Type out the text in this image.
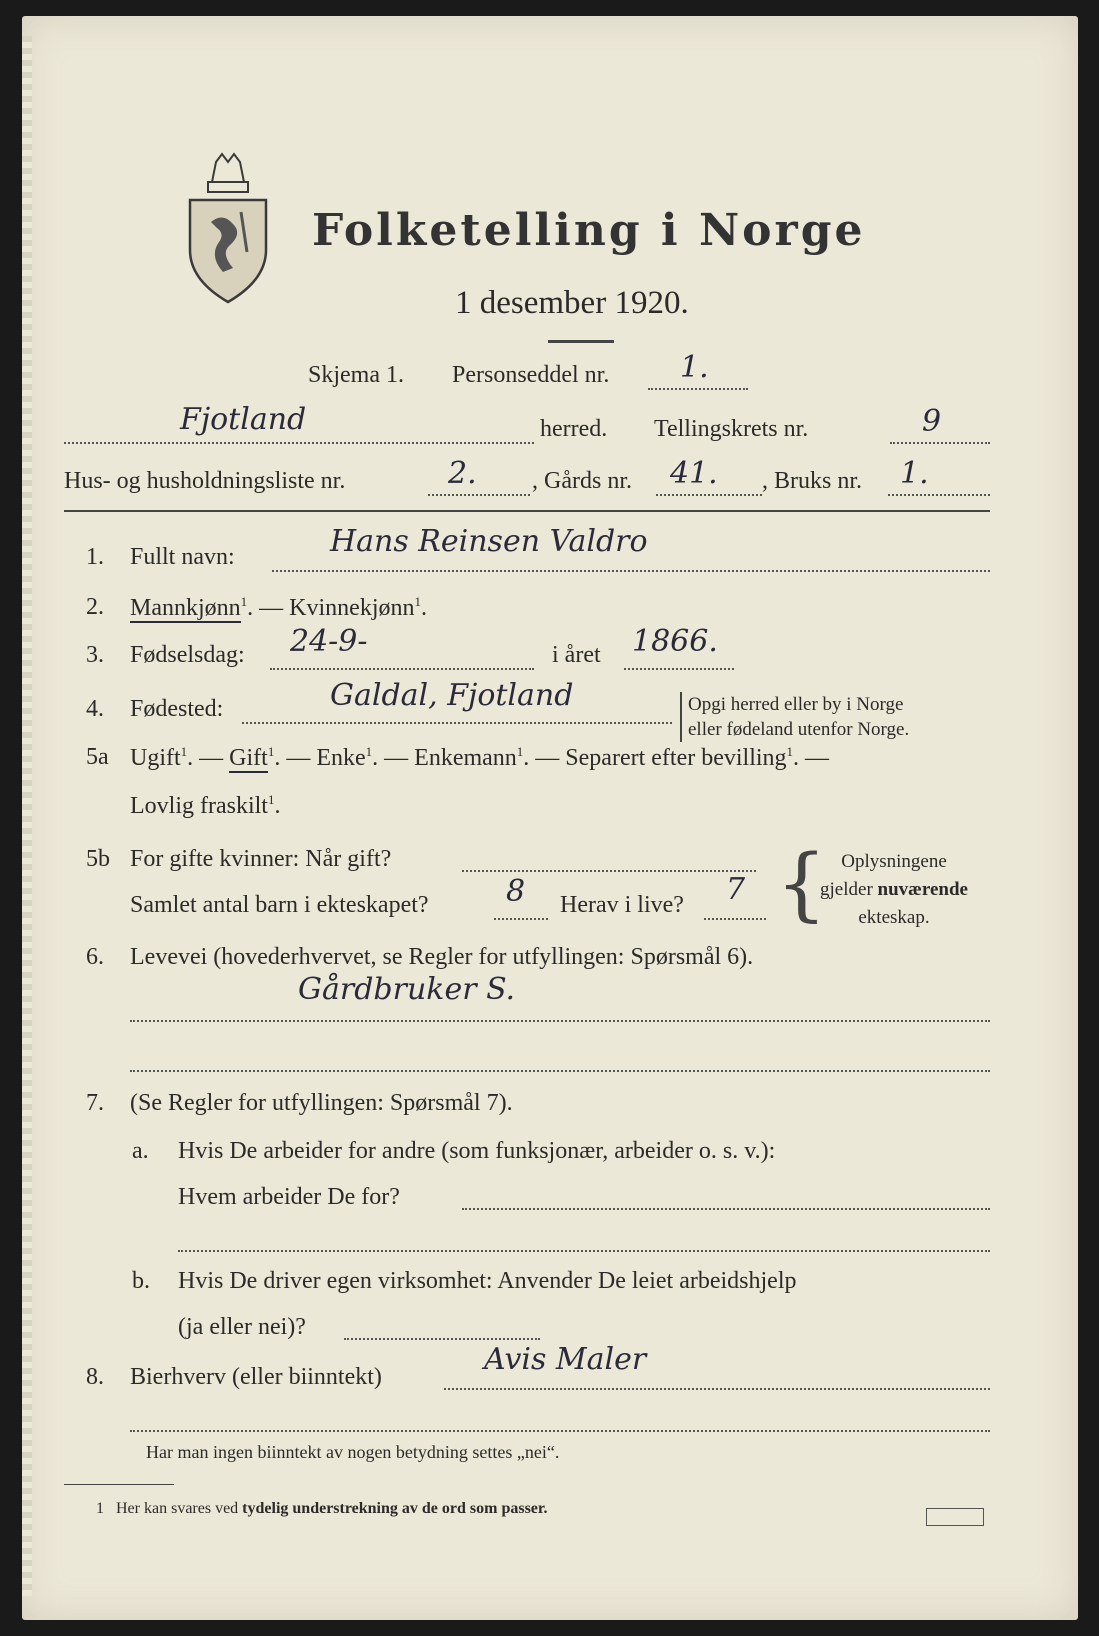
Folketelling i Norge
1 desember 1920.
Skjema 1. Personseddel nr. 1.
Fjotland	herred. Tellingskrets nr.	9
Hus- og husholdningsliste nr.	2. , Gårds nr. 41. , Bruks nr. 1.
1. Fullt navn:	Hans Reinsen Valdro
2. Mannkjønn$^1$. — Kvinnekjønn$^1$.
3. Fødselsdag: 24-9-	i året 1866.
4. Fødested:	Galdal, Fjotland	Opgi herred eller by i Norge
eller fødeland utenfor Norge.
5a Ugift$^1$. — Gift$^1$. — Enke$^1$. — Enkemann$^1$. — Separert efter bevilling$^1$. —
Lovlig fraskilt$^1$.
5b For gifte kvinner: Når gift?
Samlet antal barn i ekteskapet?	8 Herav i live? 7 { Oplysningene
gjelder nuværende
ekteskap.
6. Levevei (hovederhvervet, se Regler for utfyllingen: Spørsmål 6).
Gårdbruker S.
7. (Se Regler for utfyllingen: Spørsmål 7).
a. Hvis De arbeider for andre (som funksjonær, arbeider o. s. v.):
Hvem arbeider De for?
b. Hvis De driver egen virksomhet: Anvender De leiet arbeidshjelp
(ja eller nei)?
8. Bierhverv (eller biinntekt)	Avis Maler
Har man ingen biinntekt av nogen betydning settes „nei“.
1 Her kan svares ved tydelig understrekning av de ord som passer.
